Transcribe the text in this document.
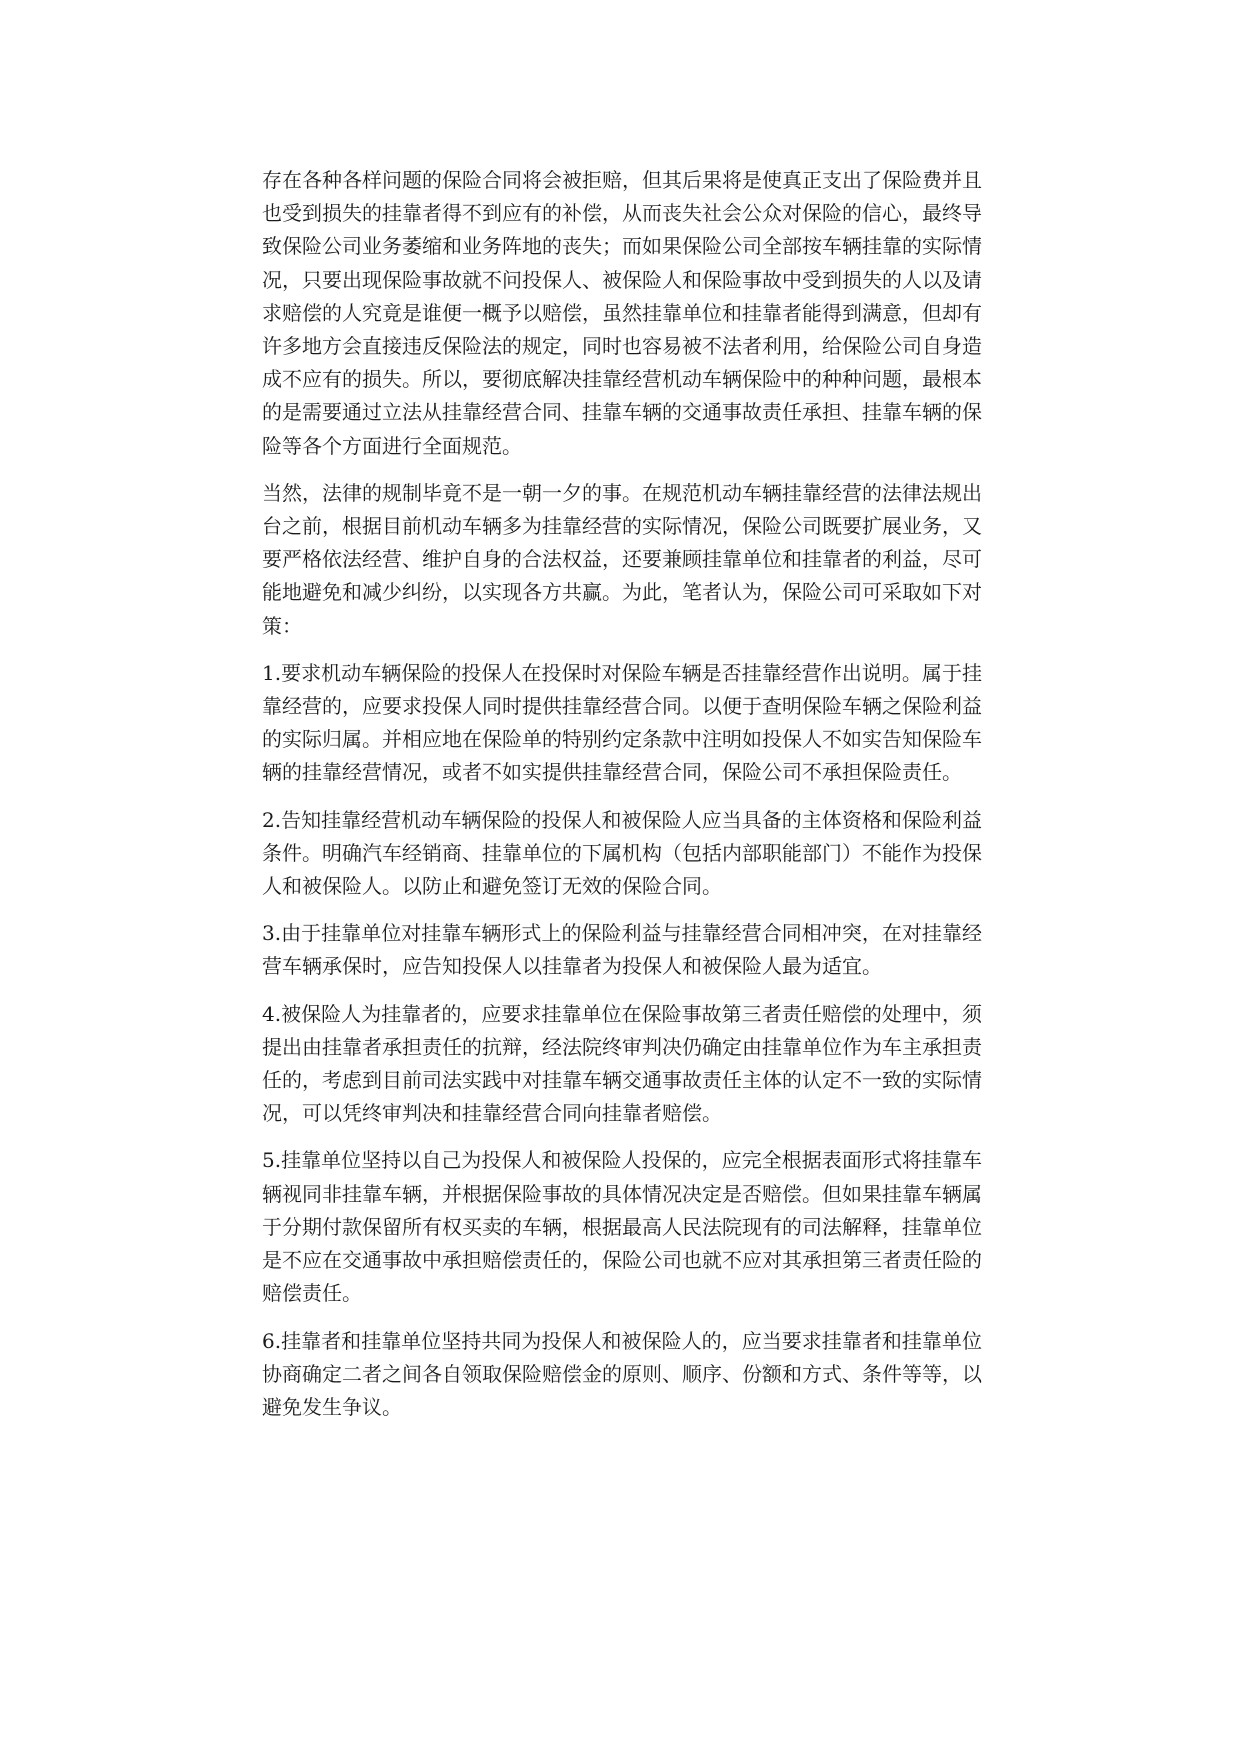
存在各种各样问题的保险合同将会被拒赔，但其后果将是使真正支出了保险费并且也受到损失的挂靠者得不到应有的补偿，从而丧失社会公众对保险的信心，最终导致保险公司业务萎缩和业务阵地的丧失；而如果保险公司全部按车辆挂靠的实际情况，只要出现保险事故就不问投保人、被保险人和保险事故中受到损失的人以及请求赔偿的人究竟是谁便一概予以赔偿，虽然挂靠单位和挂靠者能得到满意，但却有许多地方会直接违反保险法的规定，同时也容易被不法者利用，给保险公司自身造成不应有的损失。所以，要彻底解决挂靠经营机动车辆保险中的种种问题，最根本的是需要通过立法从挂靠经营合同、挂靠车辆的交通事故责任承担、挂靠车辆的保险等各个方面进行全面规范。

当然，法律的规制毕竟不是一朝一夕的事。在规范机动车辆挂靠经营的法律法规出台之前，根据目前机动车辆多为挂靠经营的实际情况，保险公司既要扩展业务，又要严格依法经营、维护自身的合法权益，还要兼顾挂靠单位和挂靠者的利益，尽可能地避免和减少纠纷，以实现各方共赢。为此，笔者认为，保险公司可采取如下对策：

1.要求机动车辆保险的投保人在投保时对保险车辆是否挂靠经营作出说明。属于挂靠经营的，应要求投保人同时提供挂靠经营合同。以便于查明保险车辆之保险利益的实际归属。并相应地在保险单的特别约定条款中注明如投保人不如实告知保险车辆的挂靠经营情况，或者不如实提供挂靠经营合同，保险公司不承担保险责任。

2.告知挂靠经营机动车辆保险的投保人和被保险人应当具备的主体资格和保险利益条件。明确汽车经销商、挂靠单位的下属机构（包括内部职能部门）不能作为投保人和被保险人。以防止和避免签订无效的保险合同。

3.由于挂靠单位对挂靠车辆形式上的保险利益与挂靠经营合同相冲突，在对挂靠经营车辆承保时，应告知投保人以挂靠者为投保人和被保险人最为适宜。

4.被保险人为挂靠者的，应要求挂靠单位在保险事故第三者责任赔偿的处理中，须提出由挂靠者承担责任的抗辩，经法院终审判决仍确定由挂靠单位作为车主承担责任的，考虑到目前司法实践中对挂靠车辆交通事故责任主体的认定不一致的实际情况，可以凭终审判决和挂靠经营合同向挂靠者赔偿。

5.挂靠单位坚持以自己为投保人和被保险人投保的，应完全根据表面形式将挂靠车辆视同非挂靠车辆，并根据保险事故的具体情况决定是否赔偿。但如果挂靠车辆属于分期付款保留所有权买卖的车辆，根据最高人民法院现有的司法解释，挂靠单位是不应在交通事故中承担赔偿责任的，保险公司也就不应对其承担第三者责任险的赔偿责任。

6.挂靠者和挂靠单位坚持共同为投保人和被保险人的，应当要求挂靠者和挂靠单位协商确定二者之间各自领取保险赔偿金的原则、顺序、份额和方式、条件等等，以避免发生争议。
